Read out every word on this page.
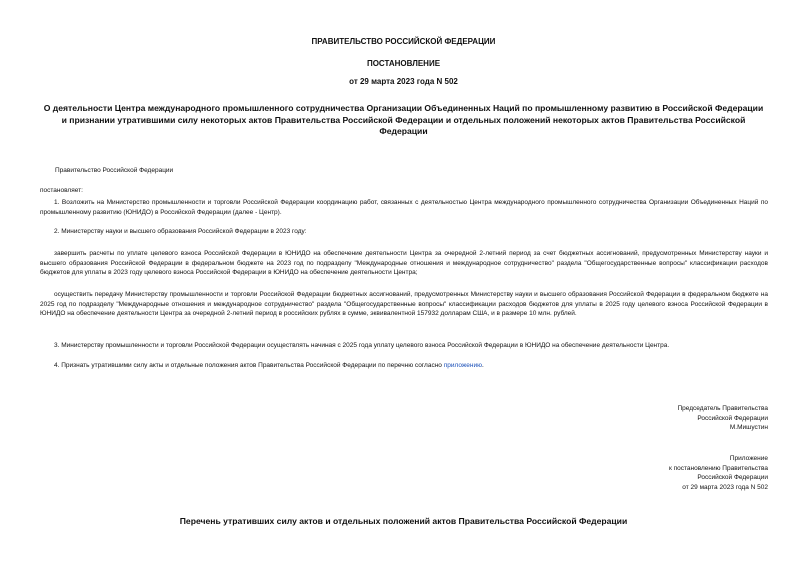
ПРАВИТЕЛЬСТВО РОССИЙСКОЙ ФЕДЕРАЦИИ
ПОСТАНОВЛЕНИЕ
от 29 марта 2023 года N 502
О деятельности Центра международного промышленного сотрудничества Организации Объединенных Наций по промышленному развитию в Российской Федерации и признании утратившими силу некоторых актов Правительства Российской Федерации и отдельных положений некоторых актов Правительства Российской Федерации
Правительство Российской Федерации
постановляет:
1. Возложить на Министерство промышленности и торговли Российской Федерации координацию работ, связанных с деятельностью Центра международного промышленного сотрудничества Организации Объединенных Наций по промышленному развитию (ЮНИДО) в Российской Федерации (далее - Центр).
2. Министерству науки и высшего образования Российской Федерации в 2023 году:
завершить расчеты по уплате целевого взноса Российской Федерации в ЮНИДО на обеспечение деятельности Центра за очередной 2-летний период за счет бюджетных ассигнований, предусмотренных Министерству науки и высшего образования Российской Федерации в федеральном бюджете на 2023 год по подразделу "Международные отношения и международное сотрудничество" раздела "Общегосударственные вопросы" классификации расходов бюджетов для уплаты в 2023 году целевого взноса Российской Федерации в ЮНИДО на обеспечение деятельности Центра;
осуществить передачу Министерству промышленности и торговли Российской Федерации бюджетных ассигнований, предусмотренных Министерству науки и высшего образования Российской Федерации в федеральном бюджете на 2025 год по подразделу "Международные отношения и международное сотрудничество" раздела "Общегосударственные вопросы" классификации расходов бюджетов для уплаты в 2025 году целевого взноса Российской Федерации в ЮНИДО на обеспечение деятельности Центра за очередной 2-летний период в российских рублях в сумме, эквивалентной 157932 долларам США, и в размере 10 млн. рублей.
3. Министерству промышленности и торговли Российской Федерации осуществлять начиная с 2025 года уплату целевого взноса Российской Федерации в ЮНИДО на обеспечение деятельности Центра.
4. Признать утратившими силу акты и отдельные положения актов Правительства Российской Федерации по перечню согласно приложению.
Председатель Правительства
Российской Федерации
М.Мишустин
Приложение
к постановлению Правительства
Российской Федерации
от 29 марта 2023 года N 502
Перечень утративших силу актов и отдельных положений актов Правительства Российской Федерации
